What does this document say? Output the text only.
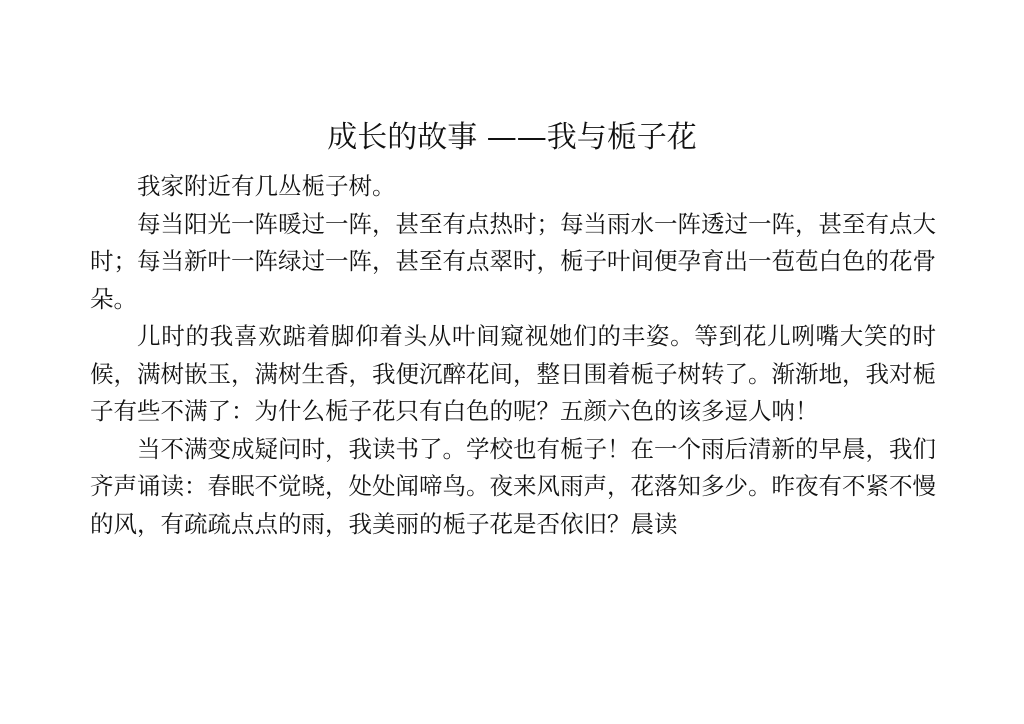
成长的故事 ——我与栀子花

我家附近有几丛栀子树。

每当阳光一阵暖过一阵，甚至有点热时；每当雨水一阵透过一阵，甚至有点大时；每当新叶一阵绿过一阵，甚至有点翠时，栀子叶间便孕育出一苞苞白色的花骨朵。

儿时的我喜欢踮着脚仰着头从叶间窥视她们的丰姿。等到花儿咧嘴大笑的时候，满树嵌玉，满树生香，我便沉醉花间，整日围着栀子树转了。渐渐地，我对栀子有些不满了：为什么栀子花只有白色的呢？五颜六色的该多逗人呐！

当不满变成疑问时，我读书了。学校也有栀子！在一个雨后清新的早晨，我们齐声诵读：春眠不觉晓，处处闻啼鸟。夜来风雨声，花落知多少。昨夜有不紧不慢的风，有疏疏点点的雨，我美丽的栀子花是否依旧？晨读
